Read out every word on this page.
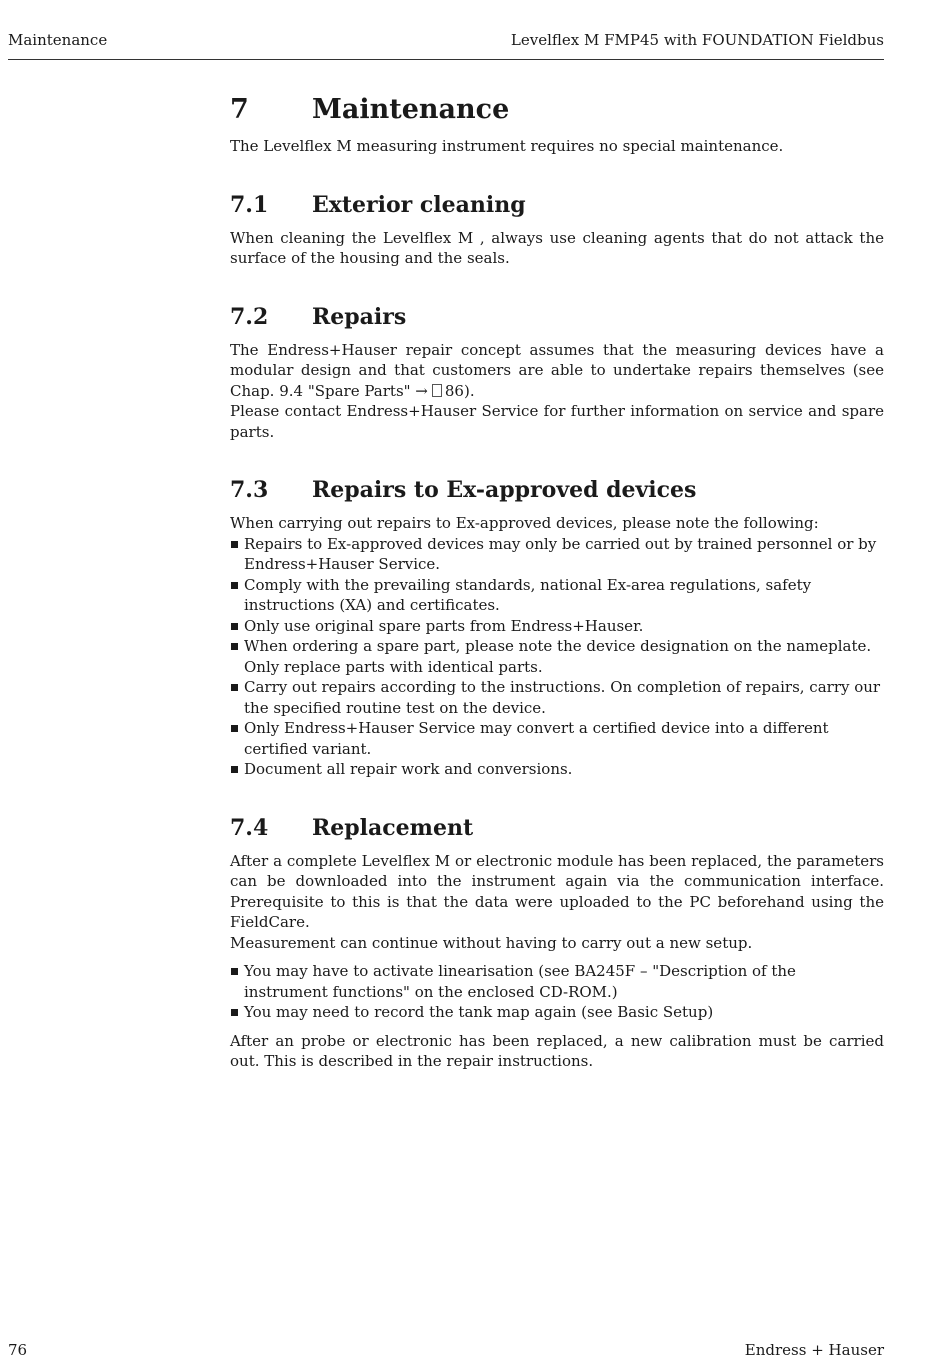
Maintenance	Levelflex M FMP45 with FOUNDATION Fieldbus
7	Maintenance

The Levelflex M measuring instrument requires no special maintenance.

7.1	Exterior cleaning

When cleaning the Levelflex M , always use cleaning agents that do not attack the surface of the housing and the seals.

7.2	Repairs

The Endress+Hauser repair concept assumes that the measuring devices have a modular design and that customers are able to undertake repairs themselves (see Chap. 9.4 "Spare Parts" → 86).
Please contact Endress+Hauser Service for further information on service and spare parts.

7.3	Repairs to Ex-approved devices

When carrying out repairs to Ex-approved devices, please note the following:

Repairs to Ex-approved devices may only be carried out by trained personnel or by Endress+Hauser Service.
Comply with the prevailing standards, national Ex-area regulations, safety instructions (XA) and certificates.
Only use original spare parts from Endress+Hauser.
When ordering a spare part, please note the device designation on the nameplate. Only replace parts with identical parts.
Carry out repairs according to the instructions. On completion of repairs, carry our the specified routine test on the device.
Only Endress+Hauser Service may convert a certified device into a different certified variant.
Document all repair work and conversions.
7.4	Replacement

After a complete Levelflex M or electronic module has been replaced, the parameters can be downloaded into the instrument again via the communication interface. Prerequisite to this is that the data were uploaded to the PC beforehand using the FieldCare.

Measurement can continue without having to carry out a new setup.

You may have to activate linearisation (see BA245F – "Description of the instrument functions" on the enclosed CD-ROM.)
You may need to record the tank map again (see Basic Setup)

After an probe or electronic has been replaced, a new calibration must be carried out. This is described in the repair instructions.

76	Endress + Hauser
